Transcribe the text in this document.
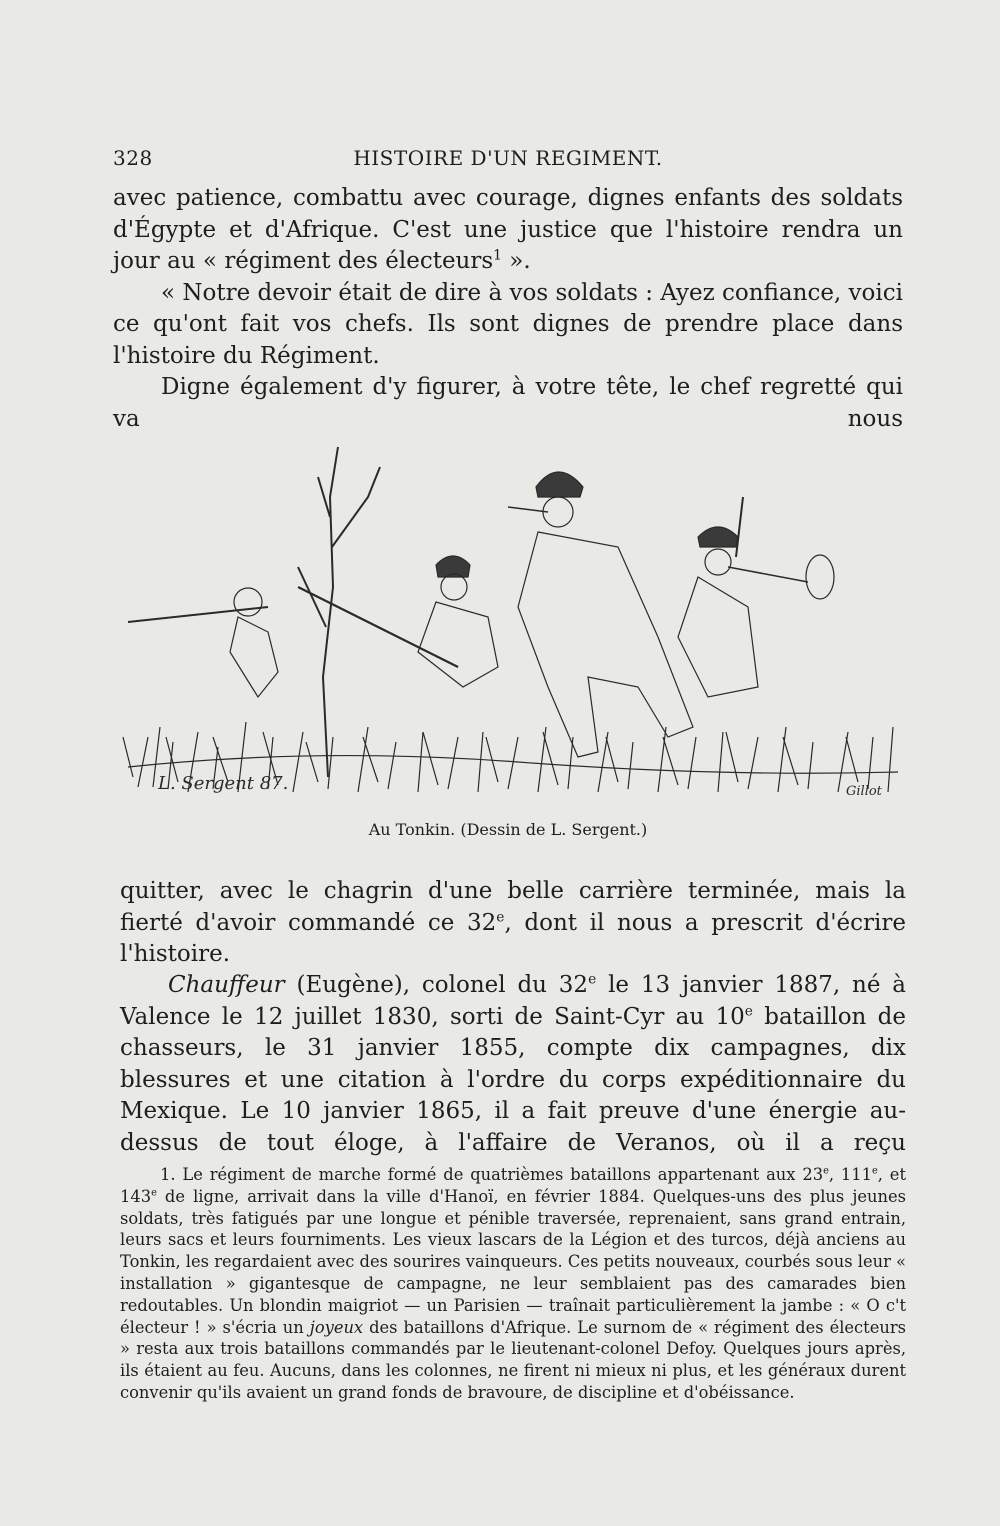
328	HISTOIRE D'UN REGIMENT.

avec patience, combattu avec courage, dignes enfants des soldats d'Égypte et d'Afrique. C'est une justice que l'histoire rendra un jour au « régiment des électeurs$^1$ ».

« Notre devoir était de dire à vos soldats : Ayez confiance, voici ce qu'ont fait vos chefs. Ils sont dignes de prendre place dans l'histoire du Régiment.

Digne également d'y figurer, à votre tête, le chef regretté qui va nous

L. Sergent 87.	Gillot
Au Tonkin. (Dessin de L. Sergent.)

quitter, avec le chagrin d'une belle carrière terminée, mais la fierté d'avoir commandé ce 32e, dont il nous a prescrit d'écrire l'histoire.

Chauffeur (Eugène), colonel du 32e le 13 janvier 1887, né à Valence le 12 juillet 1830, sorti de Saint-Cyr au 10e bataillon de chasseurs, le 31 janvier 1855, compte dix campagnes, dix blessures et une citation à l'ordre du corps expéditionnaire du Mexique. Le 10 janvier 1865, il a fait preuve d'une énergie au-dessus de tout éloge, à l'affaire de Veranos, où il a reçu

1. Le régiment de marche formé de quatrièmes bataillons appartenant aux 23e, 111e, et 143e de ligne, arrivait dans la ville d'Hanoï, en février 1884. Quelques-uns des plus jeunes soldats, très fatigués par une longue et pénible traversée, reprenaient, sans grand entrain, leurs sacs et leurs fourniments. Les vieux lascars de la Légion et des turcos, déjà anciens au Tonkin, les regardaient avec des sourires vainqueurs. Ces petits nouveaux, courbés sous leur « installation » gigantesque de campagne, ne leur semblaient pas des camarades bien redoutables. Un blondin maigriot — un Parisien — traînait particulièrement la jambe : « O c't électeur ! » s'écria un joyeux des bataillons d'Afrique. Le surnom de « régiment des électeurs » resta aux trois bataillons commandés par le lieutenant-colonel Defoy. Quelques jours après, ils étaient au feu. Aucuns, dans les colonnes, ne firent ni mieux ni plus, et les généraux durent convenir qu'ils avaient un grand fonds de bravoure, de discipline et d'obéissance.
